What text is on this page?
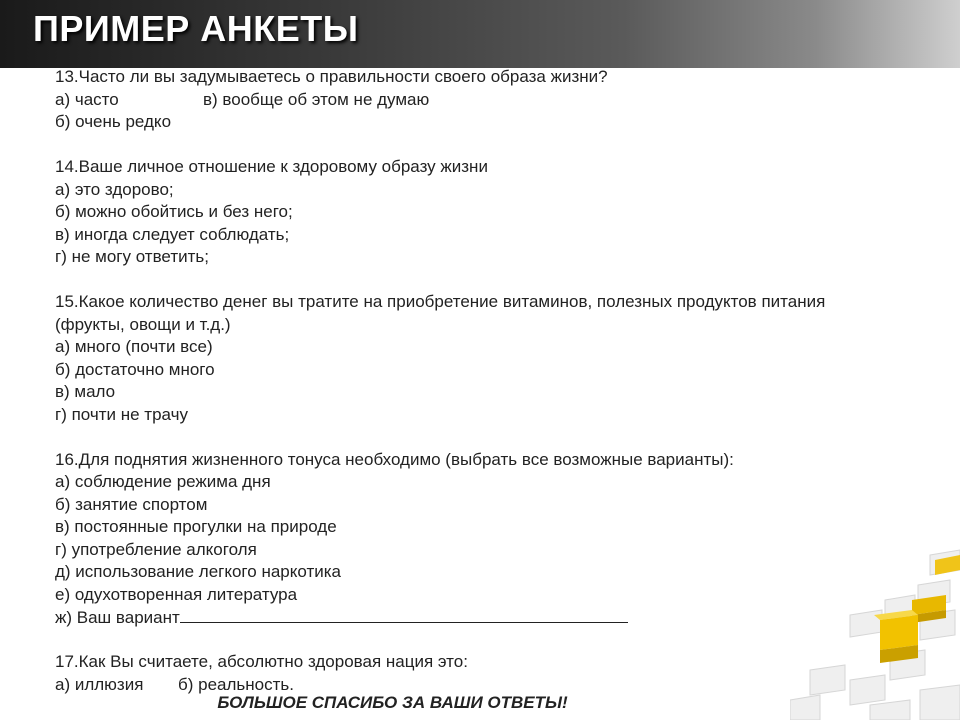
ПРИМЕР АНКЕТЫ
13.Часто ли вы задумываетесь о правильности своего образа жизни?
а) часто	в) вообще об этом не думаю
б) очень редко
14.Ваше личное отношение к здоровому образу жизни
а) это здорово;
б) можно обойтись и без него;
в) иногда следует соблюдать;
г) не могу ответить;
15.Какое количество денег вы тратите на приобретение витаминов, полезных продуктов питания
(фрукты, овощи и т.д.)
а) много (почти все)
б) достаточно много
в) мало
г) почти не трачу
16.Для поднятия жизненного тонуса необходимо (выбрать все возможные варианты):
а) соблюдение режима дня
б) занятие спортом
в) постоянные прогулки на природе
г) употребление алкоголя
д) использование легкого наркотика
е) одухотворенная литература
ж) Ваш вариант
17.Как Вы считаете, абсолютно здоровая нация это:
а) иллюзия б) реальность.
БОЛЬШОЕ СПАСИБО ЗА ВАШИ ОТВЕТЫ!
